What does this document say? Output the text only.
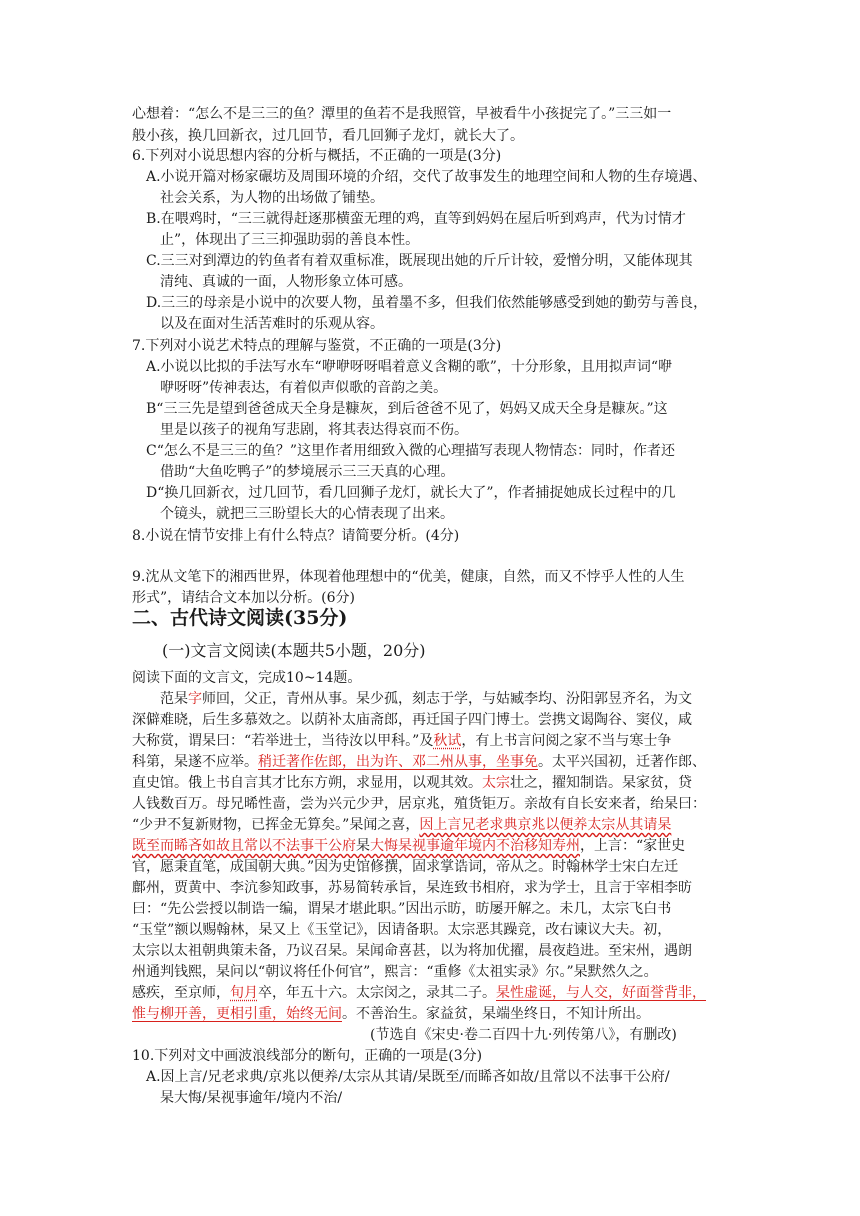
心想着：“怎么不是三三的鱼？潭里的鱼若不是我照管，早被看牛小孩捉完了。”三三如一
般小孩，换几回新衣，过几回节，看几回狮子龙灯，就长大了。
6.下列对小说思想内容的分析与概括，不正确的一项是(3分)
A.小说开篇对杨家碾坊及周围环境的介绍，交代了故事发生的地理空间和人物的生存境遇、
社会关系，为人物的出场做了铺垫。
B.在喂鸡时，“三三就得赶逐那横蛮无理的鸡，直等到妈妈在屋后听到鸡声，代为讨情才
止”，体现出了三三抑强助弱的善良本性。
C.三三对到潭边的钓鱼者有着双重标准，既展现出她的斤斤计较，爱憎分明，又能体现其
清纯、真诚的一面，人物形象立体可感。
D.三三的母亲是小说中的次要人物，虽着墨不多，但我们依然能够感受到她的勤劳与善良，
以及在面对生活苦难时的乐观从容。
7.下列对小说艺术特点的理解与鉴赏，不正确的一项是(3分)
A.小说以比拟的手法写水车“咿咿呀呀唱着意义含糊的歌”，十分形象，且用拟声词“咿
咿呀呀”传神表达，有着似声似歌的音韵之美。
B“三三先是望到爸爸成天全身是糠灰，到后爸爸不见了，妈妈又成天全身是糠灰。”这
里是以孩子的视角写悲剧，将其表达得哀而不伤。
C“怎么不是三三的鱼？”这里作者用细致入微的心理描写表现人物情态：同时，作者还
借助“大鱼吃鸭子”的梦境展示三三天真的心理。
D“换几回新衣，过几回节，看几回狮子龙灯，就长大了”，作者捕捉她成长过程中的几
个镜头，就把三三盼望长大的心情表现了出来。
8.小说在情节安排上有什么特点？请简要分析。(4分)
9.沈从文笔下的湘西世界，体现着他理想中的“优美，健康，自然，而又不悖乎人性的人生
形式”，请结合文本加以分析。(6分)
二、古代诗文阅读(35分)
(一)文言文阅读(本题共5小题，20分)
阅读下面的文言文，完成10~14题。
范杲字师回，父正，青州从事。杲少孤，刻志于学，与姑臧李均、汾阳郭昱齐名，为文
深僻难晓，后生多慕效之。以荫补太庙斋郎，再迁国子四门博士。尝携文谒陶谷、窦仪，咸
大称赏，谓杲曰：“若举进士，当待汝以甲科。”及秋试，有上书言问阅之家不当与寒士争
科第，杲遂不应举。稍迁著作佐郎，出为许、邓二州从事，坐事免。太平兴国初，迁著作郎、
直史馆。俄上书自言其才比东方朔，求显用，以观其效。太宗壮之，擢知制诰。杲家贫，贷
人钱数百万。母兄晞性啬，尝为兴元少尹，居京兆，殖货钜万。亲故有自长安来者，绐杲曰：
“少尹不复新财物，已挥金无算矣。”杲闻之喜，因上言兄老求典京兆以便养太宗从其请杲
既至而睎吝如故且常以不法事干公府杲大悔杲视事逾年境内不治移知寿州，上言：“家世史
官，愿秉直笔，成国朝大典。”因为史馆修撰，固求掌诰词，帝从之。时翰林学士宋白左迁
鄜州，贾黄中、李沆参知政事，苏易简转承旨，杲连致书相府，求为学士，且言于宰相李昉
曰：“先公尝授以制诰一编，谓杲才堪此职。”因出示昉，昉屡开解之。未几，太宗飞白书
“玉堂”额以赐翰林，杲又上《玉堂记》，因请备职。太宗恶其躁竞，改右谏议大夫。初，
太宗以太祖朝典策未备，乃议召杲。杲闻命喜甚，以为将加优擢，晨夜趋进。至宋州，遇朗
州通判钱熙，杲问以“朝议将任仆何官”，熙言：“重修《太祖实录》尔。”杲默然久之。
感疾，至京师，旬月卒，年五十六。太宗闵之，录其二子。杲性虚诞，与人交，好面誉背非，
惟与柳开善，更相引重，始终无间。不善治生。家益贫，杲端坐终日，不知计所出。
(节选自《宋史·卷二百四十九·列传第八》，有删改)
10.下列对文中画波浪线部分的断句，正确的一项是(3分)
A.因上言/兄老求典/京兆以便养/太宗从其请/杲既至/而睎吝如故/且常以不法事干公府/
杲大悔/杲视事逾年/境内不治/
